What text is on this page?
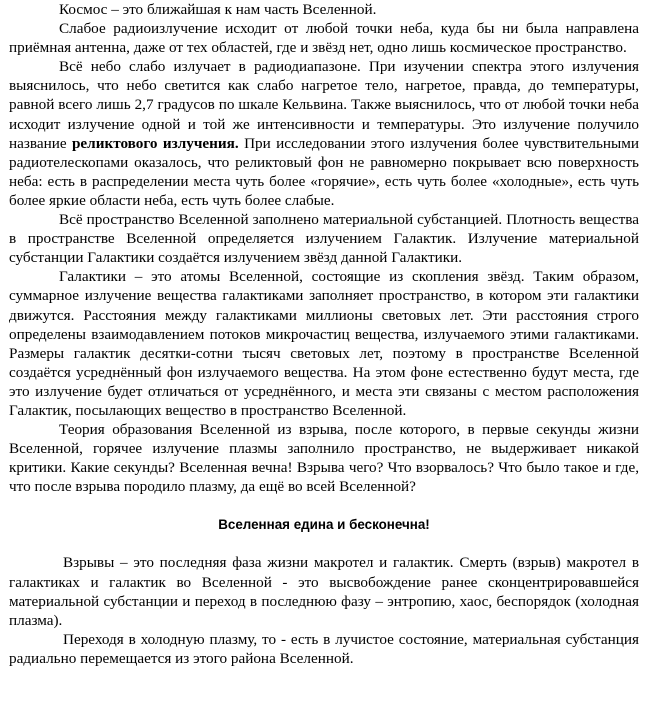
Космос – это ближайшая к нам часть Вселенной.

Слабое радиоизлучение исходит от любой точки неба, куда бы ни была направлена приёмная антенна, даже от тех областей, где и звёзд нет, одно лишь космическое пространство.

Всё небо слабо излучает в радиодиапазоне. При изучении спектра этого излучения выяснилось, что небо светится как слабо нагретое тело, нагретое, правда, до температуры, равной всего лишь 2,7 градусов по шкале Кельвина. Также выяснилось, что от любой точки неба исходит излучение одной и той же интенсивности и температуры. Это излучение получило название реликтового излучения. При исследовании этого излучения более чувствительными радиотелескопами оказалось, что реликтовый фон не равномерно покрывает всю поверхность неба: есть в распределении места чуть более «горячие», есть чуть более «холодные», есть чуть более яркие области неба, есть чуть более слабые.

Всё пространство Вселенной заполнено материальной субстанцией. Плотность вещества в пространстве Вселенной определяется излучением Галактик. Излучение материальной субстанции Галактики создаётся излучением звёзд данной Галактики.

Галактики – это атомы Вселенной, состоящие из скопления звёзд. Таким образом, суммарное излучение вещества галактиками заполняет пространство, в котором эти галактики движутся. Расстояния между галактиками миллионы световых лет. Эти расстояния строго определены взаимодавлением потоков микрочастиц вещества, излучаемого этими галактиками. Размеры галактик десятки-сотни тысяч световых лет, поэтому в пространстве Вселенной создаётся усреднённый фон излучаемого вещества. На этом фоне естественно будут места, где это излучение будет отличаться от усреднённого, и места эти связаны с местом расположения Галактик, посылающих вещество в пространство Вселенной.

Теория образования Вселенной из взрыва, после которого, в первые секунды жизни Вселенной, горячее излучение плазмы заполнило пространство, не выдерживает никакой критики. Какие секунды? Вселенная вечна! Взрыва чего? Что взорвалось? Что было такое и где, что после взрыва породило плазму, да ещё во всей Вселенной?

Вселенная едина и бесконечна!

Взрывы – это последняя фаза жизни макротел и галактик. Смерть (взрыв) макротел в галактиках и галактик во Вселенной - это высвобождение ранее сконцентрировавшейся материальной субстанции и переход в последнюю фазу – энтропию, хаос, беспорядок (холодная плазма).

Переходя в холодную плазму, то - есть в лучистое состояние, материальная субстанция радиально перемещается из этого района Вселенной.
